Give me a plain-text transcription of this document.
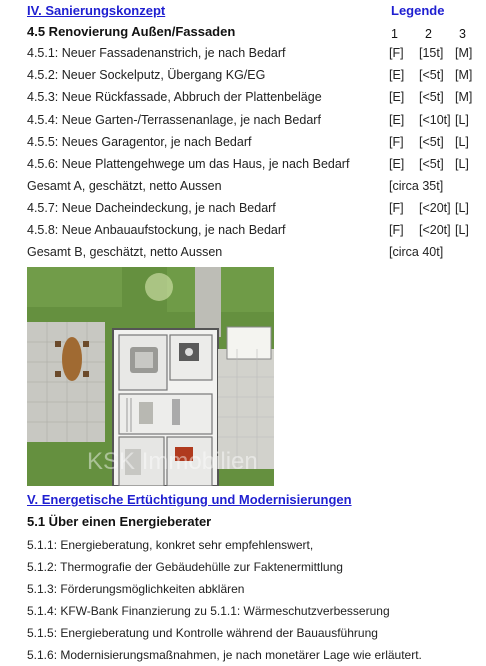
IV. Sanierungskonzept	Legende
4.5 Renovierung Außen/Fassaden	1 2 3
4.5.1: Neuer Fassadenanstrich, je nach Bedarf	[F] [15t] [M]
4.5.2: Neuer Sockelputz, Übergang KG/EG	[E] [<5t] [M]
4.5.3: Neue Rückfassade, Abbruch der Plattenbeläge	[E] [<5t] [M]
4.5.4: Neue Garten-/Terrassenanlage, je nach Bedarf	[E] [<10t] [L]
4.5.5: Neues Garagentor, je nach Bedarf	[F] [<5t] [L]
4.5.6: Neue Plattengehwege um das Haus, je nach Bedarf	[E] [<5t] [L]
Gesamt A, geschätzt, netto Aussen	[circa 35t]
4.5.7: Neue Dacheindeckung, je nach Bedarf	[F] [<20t] [L]
4.5.8: Neue Anbauaufstockung, je nach Bedarf	[F] [<20t] [L]
Gesamt B, geschätzt, netto Aussen	[circa 40t]
KSK Immobilien
V. Energetische Ertüchtigung und Modernisierungen
5.1 Über einen Energieberater
5.1.1: Energieberatung, konkret sehr empfehlenswert,
5.1.2: Thermografie der Gebäudehülle zur Faktenermittlung
5.1.3: Förderungsmöglichkeiten abklären
5.1.4: KFW-Bank Finanzierung zu 5.1.1: Wärmeschutzverbesserung
5.1.5: Energieberatung und Kontrolle während der Bauausführung
5.1.6: Modernisierungsmaßnahmen, je nach monetärer Lage wie erläutert.
